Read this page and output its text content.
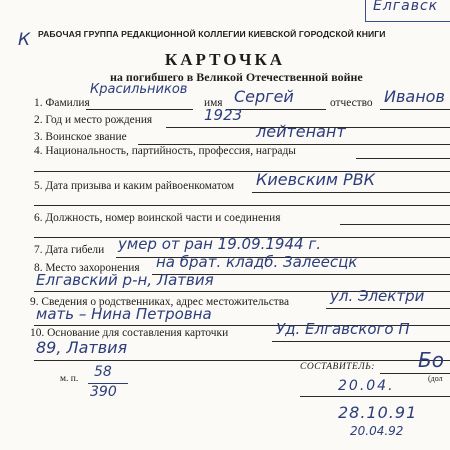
К
Елгавск
РАБОЧАЯ ГРУППА РЕДАКЦИОННОЙ КОЛЛЕГИИ КИЕВСКОЙ ГОРОДСКОЙ КНИГИ
КАРТОЧКА
на погибшего в Великой Отечественной войне
1. Фамилия
Красильников
имя Сергей	отчество Иванов
2. Год и место рождения	1923
3. Воинское звание	лейтенант
4. Национальность, партийность, профессия, награды
5. Дата призыва и каким райвоенкоматом Киевским РВК
6. Должность, номер воинской части и соединения
7. Дата гибели умер от ран 19.09.1944 г.
8. Место захоронения на брат. кладб. Залеесцк
Елгавский р-н, Латвия
9. Сведения о родственниках, адрес местожительства	ул. Электри
мать – Нина Петровна
10. Основание для составления карточки	Уд. Елгавского П
89, Латвия
м. п. 58
390
СОСТАВИТЕЛЬ: Бо
(дол
20.04.
28.10.91
20.04.92
